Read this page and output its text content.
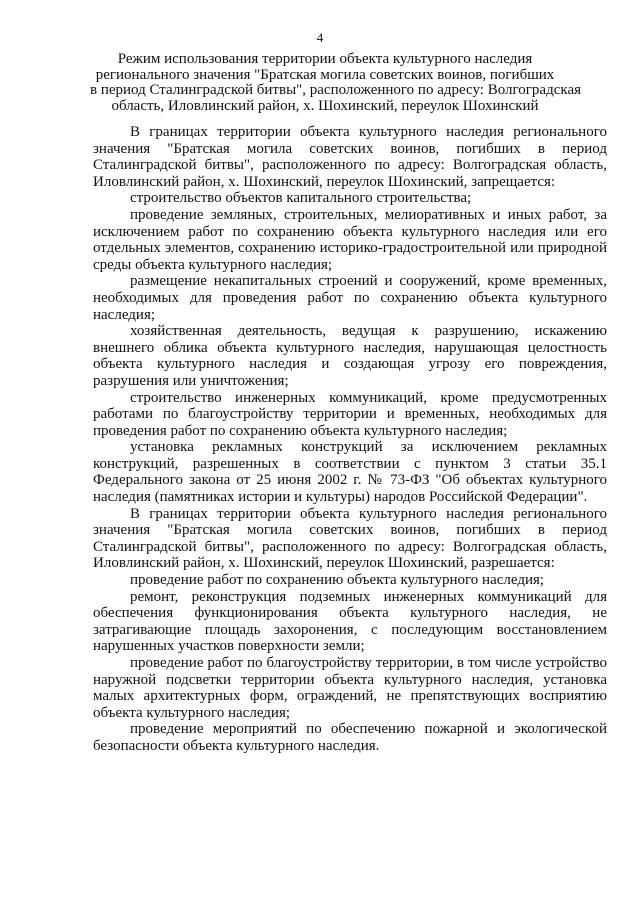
4
Режим использования территории объекта культурного наследия
регионального значения "Братская могила советских воинов, погибших
в период Сталинградской битвы", расположенного по адресу: Волгоградская
область, Иловлинский район, х. Шохинский, переулок Шохинский

В границах территории объекта культурного наследия регионального значения "Братская могила советских воинов, погибших в период Сталинградской битвы", расположенного по адресу: Волгоградская область, Иловлинский район, х. Шохинский, переулок Шохинский, запрещается:

строительство объектов капитального строительства;

проведение земляных, строительных, мелиоративных и иных работ, за исключением работ по сохранению объекта культурного наследия или его отдельных элементов, сохранению историко-градостроительной или природной среды объекта культурного наследия;

размещение некапитальных строений и сооружений, кроме временных, необходимых для проведения работ по сохранению объекта культурного наследия;

хозяйственная деятельность, ведущая к разрушению, искажению внешнего облика объекта культурного наследия, нарушающая целостность объекта культурного наследия и создающая угрозу его повреждения, разрушения или уничтожения;

строительство инженерных коммуникаций, кроме предусмотренных работами по благоустройству территории и временных, необходимых для проведения работ по сохранению объекта культурного наследия;

установка рекламных конструкций за исключением рекламных конструкций, разрешенных в соответствии с пунктом 3 статьи 35.1 Федерального закона от 25 июня 2002 г. № 73-ФЗ "Об объектах культурного наследия (памятниках истории и культуры) народов Российской Федерации".

В границах территории объекта культурного наследия регионального значения "Братская могила советских воинов, погибших в период Сталинградской битвы", расположенного по адресу: Волгоградская область, Иловлинский район, х. Шохинский, переулок Шохинский, разрешается:

проведение работ по сохранению объекта культурного наследия;

ремонт, реконструкция подземных инженерных коммуникаций для обеспечения функционирования объекта культурного наследия, не затрагивающие площадь захоронения, с последующим восстановлением нарушенных участков поверхности земли;

проведение работ по благоустройству территории, в том числе устройство наружной подсветки территории объекта культурного наследия, установка малых архитектурных форм, ограждений, не препятствующих восприятию объекта культурного наследия;

проведение мероприятий по обеспечению пожарной и экологической безопасности объекта культурного наследия.
